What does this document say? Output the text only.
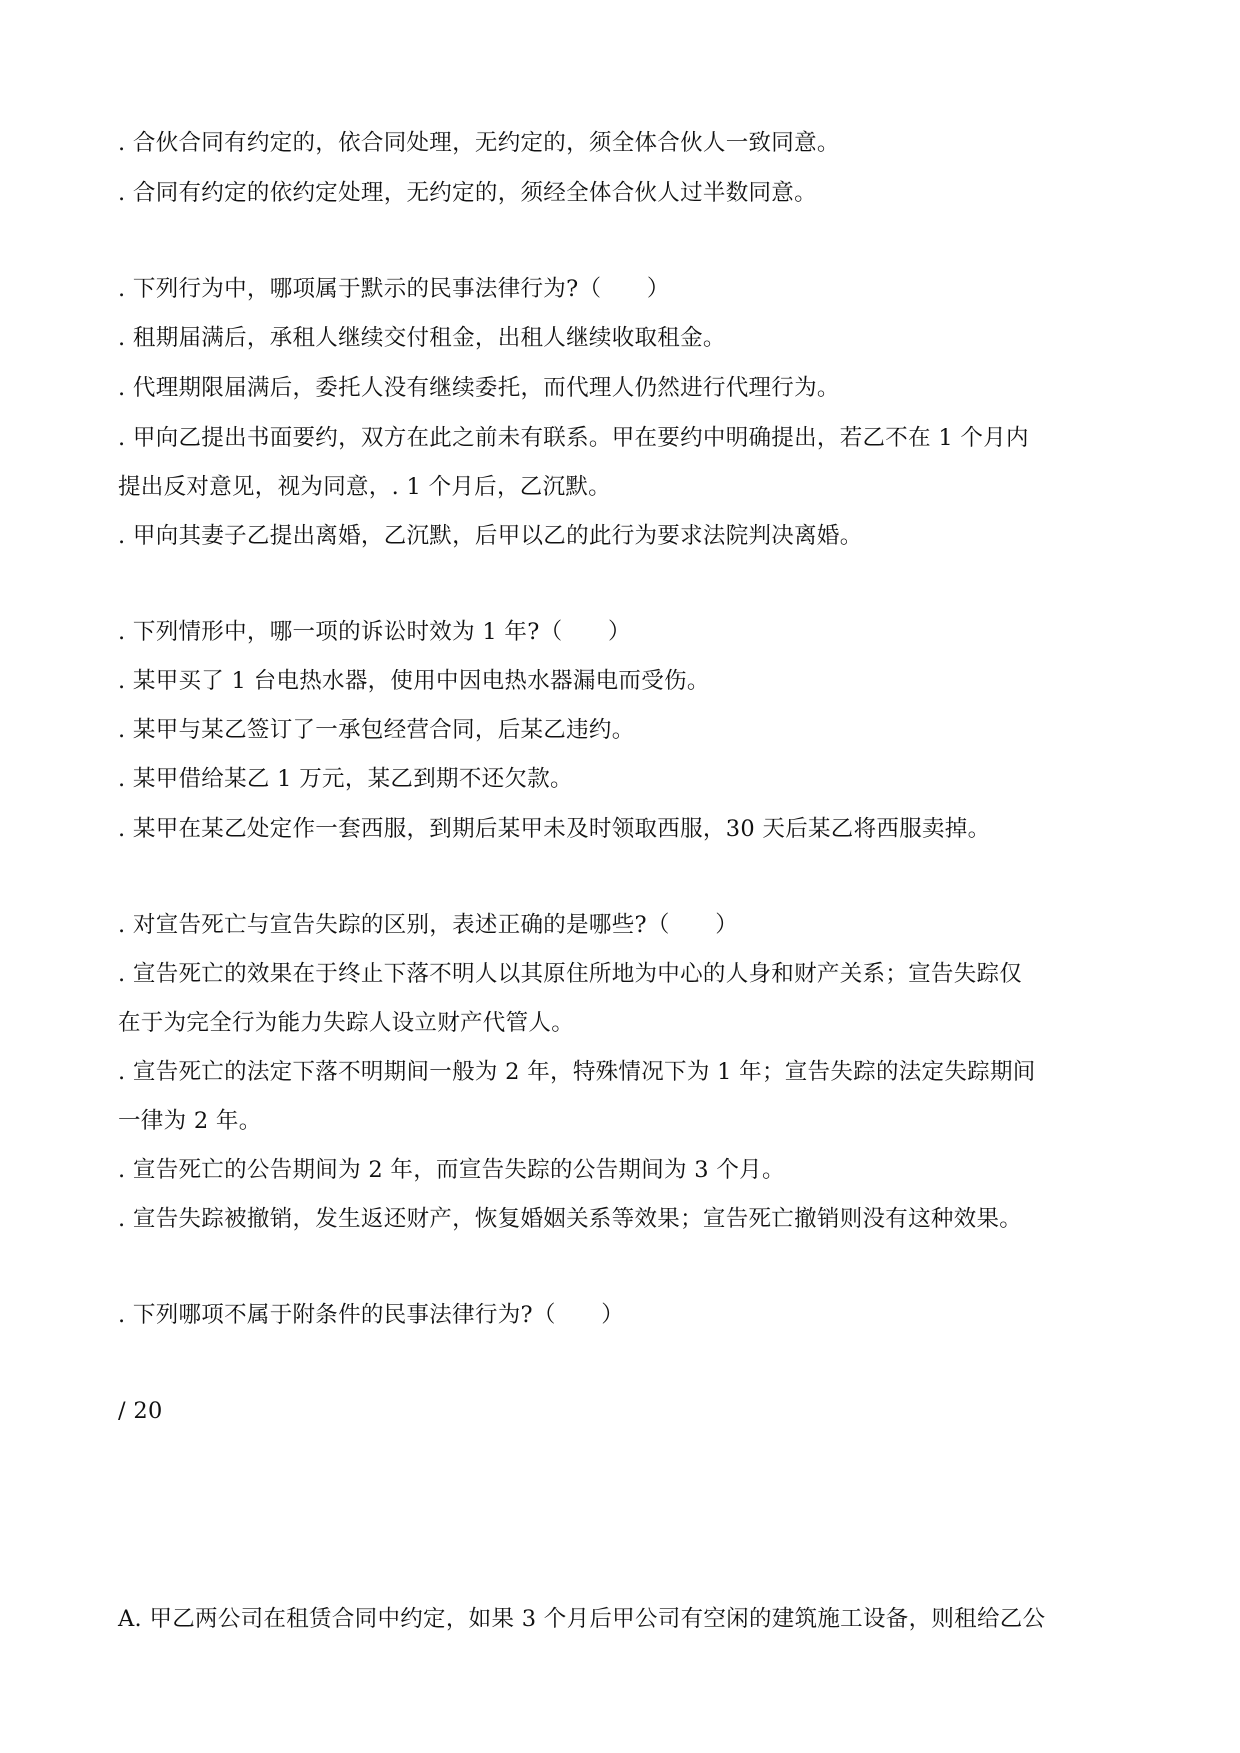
. 合伙合同有约定的，依合同处理，无约定的，须全体合伙人一致同意。
. 合同有约定的依约定处理，无约定的，须经全体合伙人过半数同意。
. 下列行为中，哪项属于默示的民事法律行为?（　　）
. 租期届满后，承租人继续交付租金，出租人继续收取租金。
. 代理期限届满后，委托人没有继续委托，而代理人仍然进行代理行为。
. 甲向乙提出书面要约，双方在此之前未有联系。甲在要约中明确提出，若乙不在 1 个月内
提出反对意见，视为同意，. 1 个月后，乙沉默。
. 甲向其妻子乙提出离婚，乙沉默，后甲以乙的此行为要求法院判决离婚。
. 下列情形中，哪一项的诉讼时效为 1 年?（　　）
. 某甲买了 1 台电热水器，使用中因电热水器漏电而受伤。
. 某甲与某乙签订了一承包经营合同，后某乙违约。
. 某甲借给某乙 1 万元，某乙到期不还欠款。
. 某甲在某乙处定作一套西服，到期后某甲未及时领取西服，30 天后某乙将西服卖掉。
. 对宣告死亡与宣告失踪的区别，表述正确的是哪些?（　　）
. 宣告死亡的效果在于终止下落不明人以其原住所地为中心的人身和财产关系；宣告失踪仅
在于为完全行为能力失踪人设立财产代管人。
. 宣告死亡的法定下落不明期间一般为 2 年，特殊情况下为 1 年；宣告失踪的法定失踪期间
一律为 2 年。
. 宣告死亡的公告期间为 2 年，而宣告失踪的公告期间为 3 个月。
. 宣告失踪被撤销，发生返还财产，恢复婚姻关系等效果；宣告死亡撤销则没有这种效果。
. 下列哪项不属于附条件的民事法律行为?（　　）
/ 20
A. 甲乙两公司在租赁合同中约定，如果 3 个月后甲公司有空闲的建筑施工设备，则租给乙公
